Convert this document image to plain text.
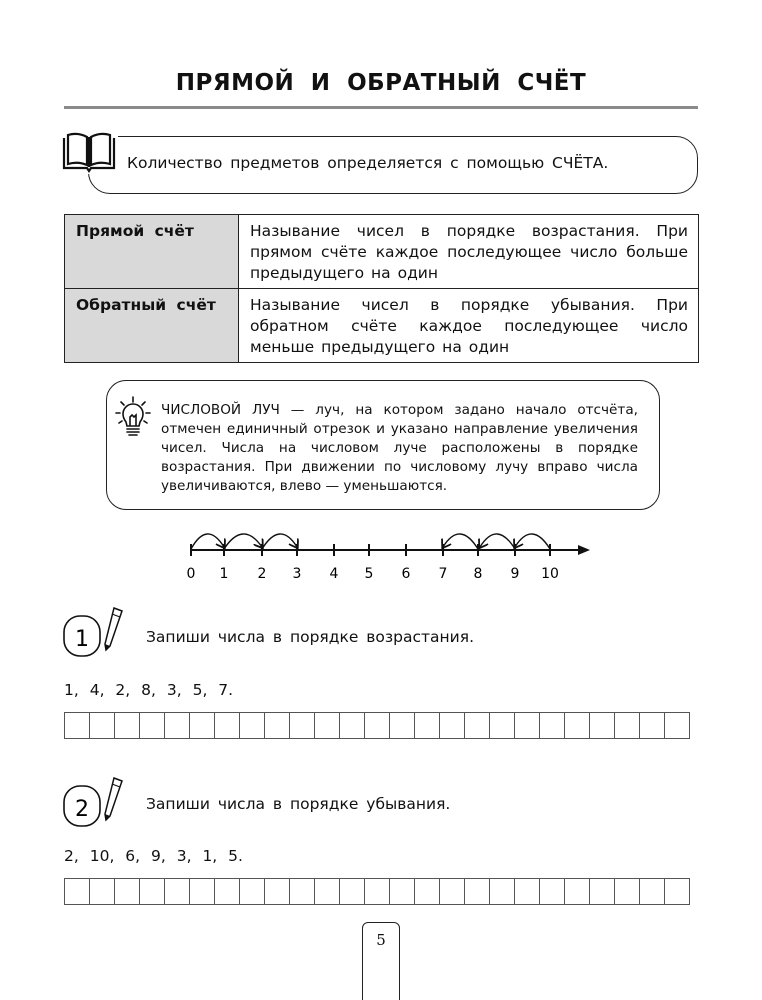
ПРЯМОЙ И ОБРАТНЫЙ СЧЁТ
Количество предметов определяется с помощью СЧЁТА.
Прямой счёт	Называние чисел в порядке возрастания. При прямом счёте каждое последующее число больше предыдущего на один
Обратный счёт	Называние чисел в порядке убывания. При обратном счёте каждое последующее число меньше предыдущего на один
ЧИСЛОВОЙ ЛУЧ — луч, на котором задано начало отсчёта, отмечен единичный отрезок и указано направление увеличения чисел. Числа на числовом луче расположены в порядке возрастания. При движении по числовому лучу вправо числа увеличиваются, влево — уменьшаются.
0 1 2 3 4 5 6 7 8 9 10
1	Запиши числа в порядке возрастания.
1, 4, 2, 8, 3, 5, 7.
2	Запиши числа в порядке убывания.
2, 10, 6, 9, 3, 1, 5.
5
